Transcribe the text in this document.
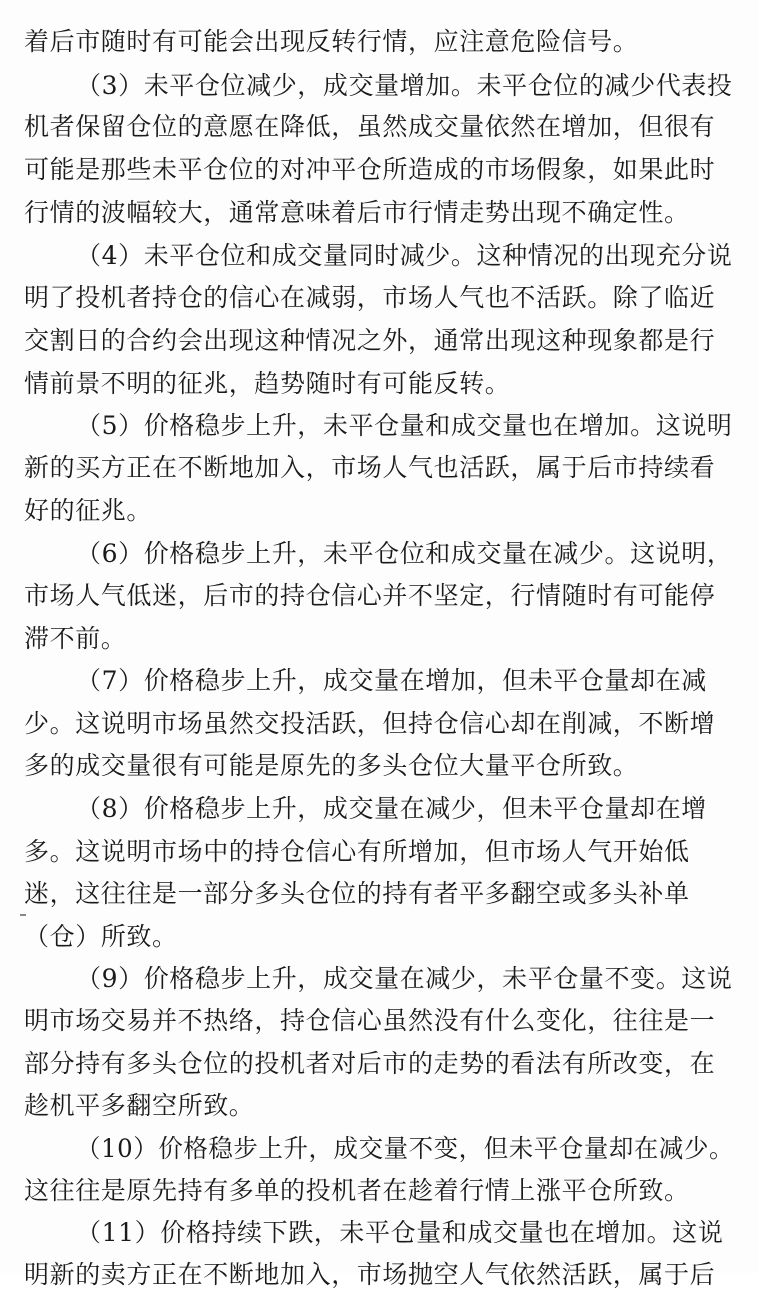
着后市随时有可能会出现反转行情，应注意危险信号。
（3）未平仓位减少，成交量增加。未平仓位的减少代表投
机者保留仓位的意愿在降低，虽然成交量依然在增加，但很有
可能是那些未平仓位的对冲平仓所造成的市场假象，如果此时
行情的波幅较大，通常意味着后市行情走势出现不确定性。
（4）未平仓位和成交量同时减少。这种情况的出现充分说
明了投机者持仓的信心在减弱，市场人气也不活跃。除了临近
交割日的合约会出现这种情况之外，通常出现这种现象都是行
情前景不明的征兆，趋势随时有可能反转。
（5）价格稳步上升，未平仓量和成交量也在增加。这说明
新的买方正在不断地加入，市场人气也活跃，属于后市持续看
好的征兆。
（6）价格稳步上升，未平仓位和成交量在减少。这说明，
市场人气低迷，后市的持仓信心并不坚定，行情随时有可能停
滞不前。
（7）价格稳步上升，成交量在增加，但未平仓量却在减
少。这说明市场虽然交投活跃，但持仓信心却在削减，不断增
多的成交量很有可能是原先的多头仓位大量平仓所致。
（8）价格稳步上升，成交量在减少，但未平仓量却在增
多。这说明市场中的持仓信心有所增加，但市场人气开始低
迷，这往往是一部分多头仓位的持有者平多翻空或多头补单
（仓）所致。
（9）价格稳步上升，成交量在减少，未平仓量不变。这说
明市场交易并不热络，持仓信心虽然没有什么变化，往往是一
部分持有多头仓位的投机者对后市的走势的看法有所改变，在
趁机平多翻空所致。
（10）价格稳步上升，成交量不变，但未平仓量却在减少。
这往往是原先持有多单的投机者在趁着行情上涨平仓所致。
（11）价格持续下跌，未平仓量和成交量也在增加。这说
明新的卖方正在不断地加入，市场抛空人气依然活跃，属于后
